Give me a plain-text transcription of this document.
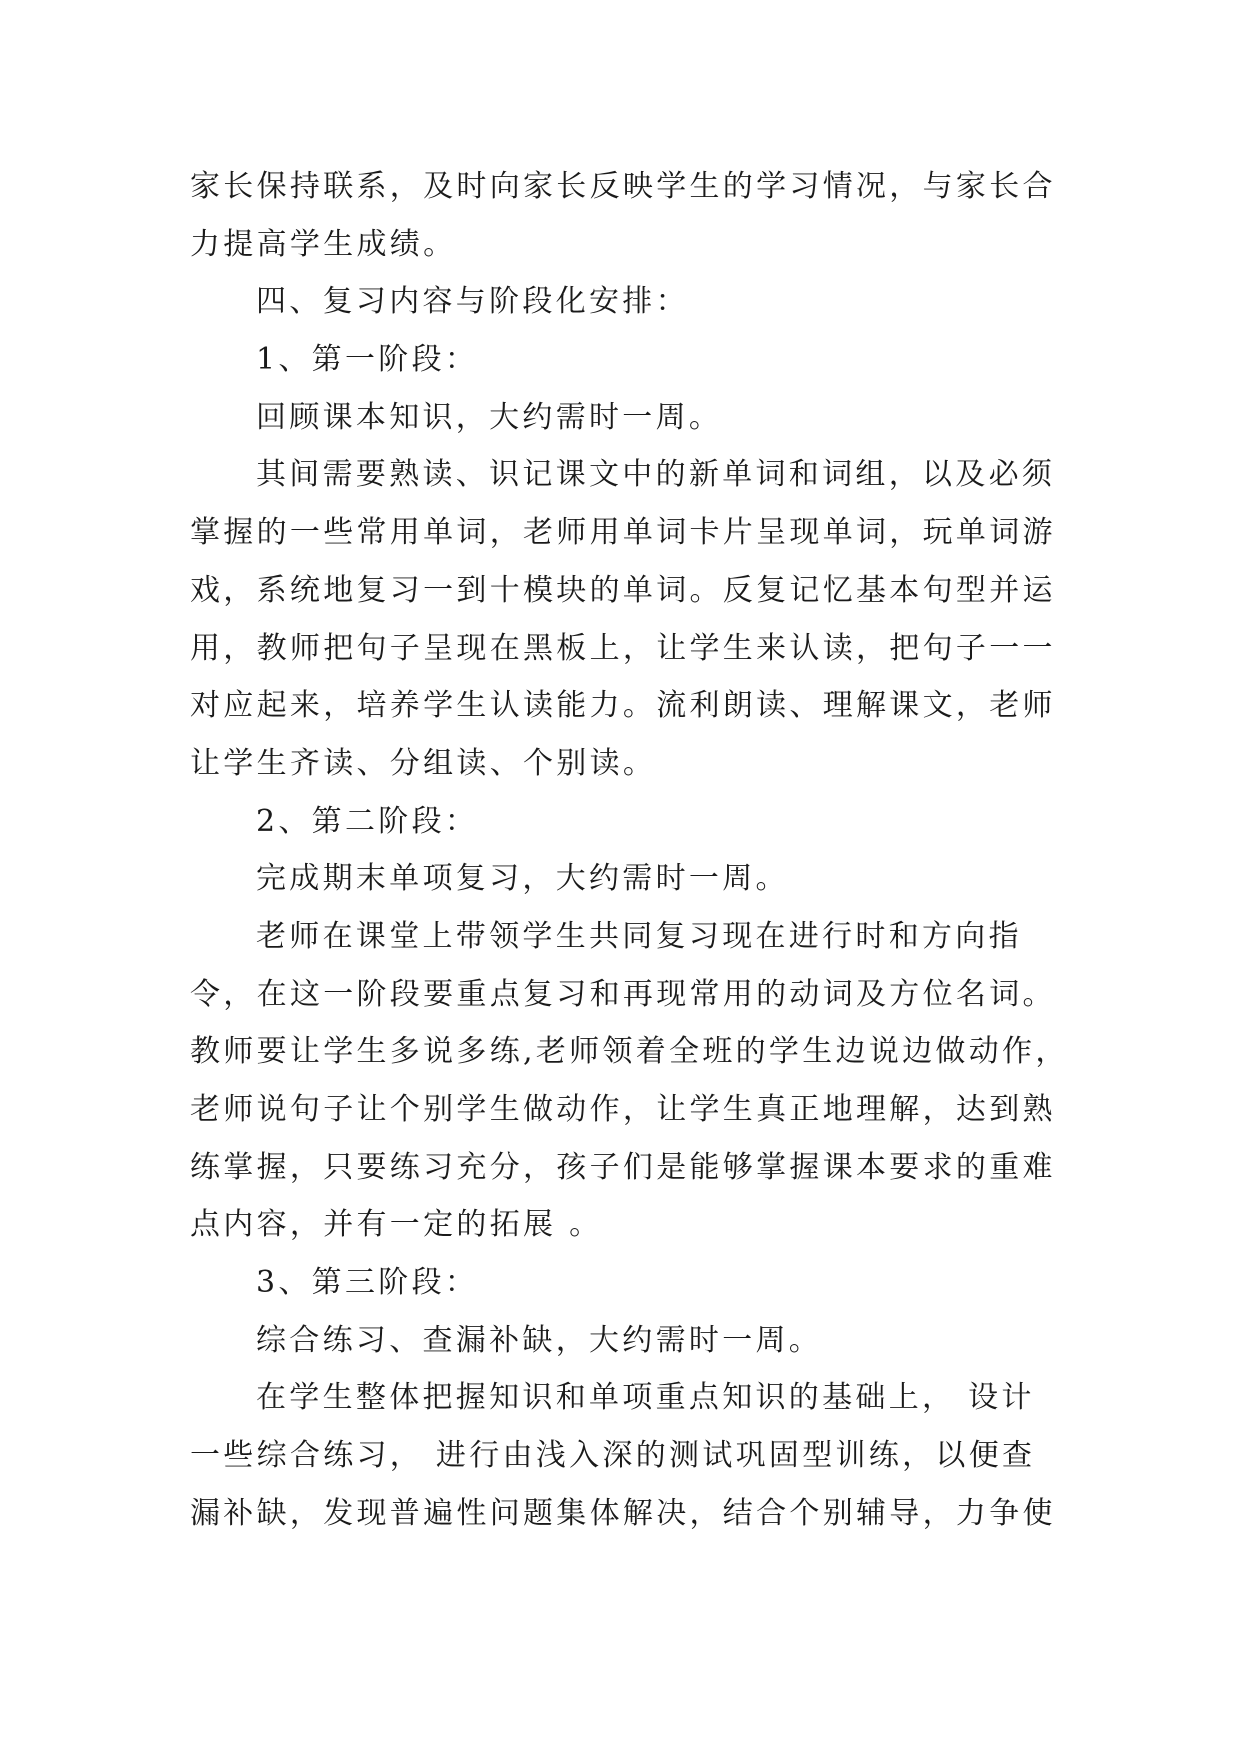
家长保持联系，及时向家长反映学生的学习情况，与家长合
力提高学生成绩。
四、复习内容与阶段化安排：
1、第一阶段：
回顾课本知识，大约需时一周。
其间需要熟读、识记课文中的新单词和词组，以及必须
掌握的一些常用单词，老师用单词卡片呈现单词，玩单词游
戏，系统地复习一到十模块的单词。反复记忆基本句型并运
用，教师把句子呈现在黑板上，让学生来认读，把句子一一
对应起来，培养学生认读能力。流利朗读、理解课文，老师
让学生齐读、分组读、个别读。
2、第二阶段：
完成期末单项复习，大约需时一周。
老师在课堂上带领学生共同复习现在进行时和方向指
令，在这一阶段要重点复习和再现常用的动词及方位名词。
教师要让学生多说多练,老师领着全班的学生边说边做动作，
老师说句子让个别学生做动作，让学生真正地理解，达到熟
练掌握，只要练习充分，孩子们是能够掌握课本要求的重难
点内容，并有一定的拓展 。
3、第三阶段：
综合练习、查漏补缺，大约需时一周。
在学生整体把握知识和单项重点知识的基础上， 设计
一些综合练习， 进行由浅入深的测试巩固型训练，以便查
漏补缺，发现普遍性问题集体解决，结合个别辅导，力争使
